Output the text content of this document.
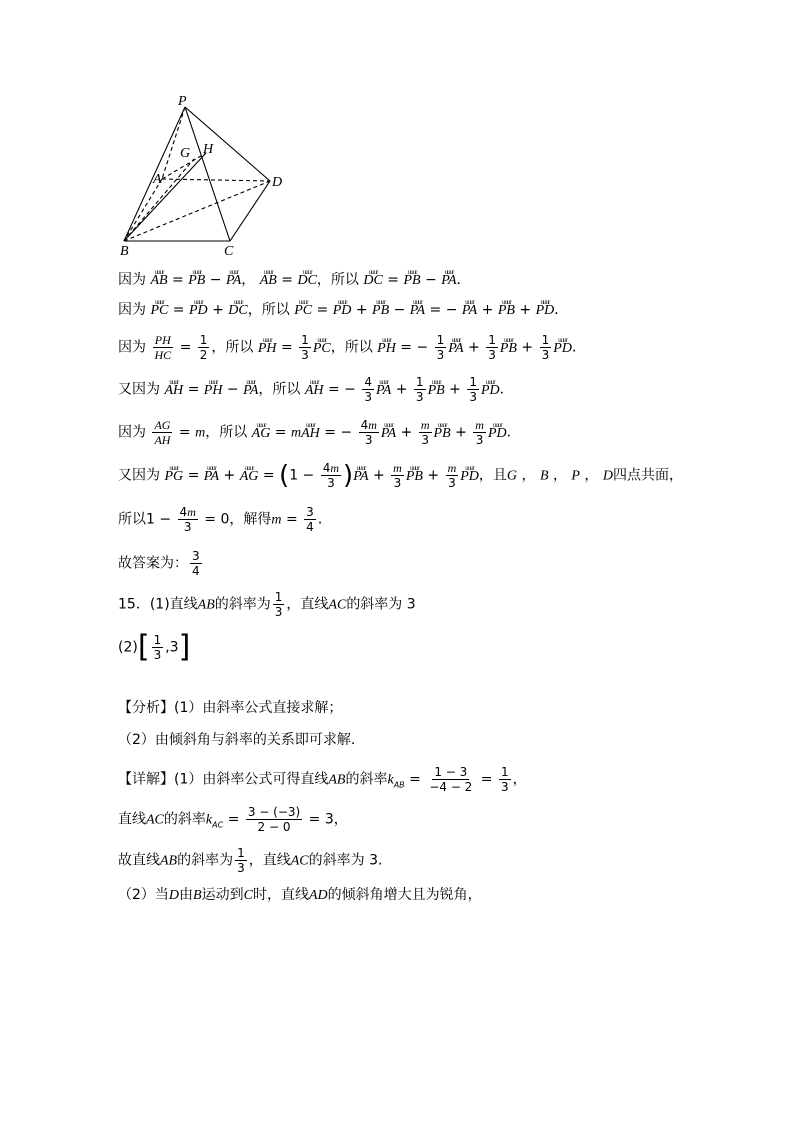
P
G H
A	D
B	C
因为 uuur AB = uuur PB − uuur PA， uuur AB = uuur DC，所以 uuur DC = uuur PB − uuur PA．
因为 uuur PC = uuur PD + uuur DC，所以 uuur PC = uuur PD + uuur PB − uuur PA = − uuur PA + uuur PB + uuur PD．
因为 $\frac{PH}{HC} = \frac{1}{2}$ ，所以 uuur PH = $\frac{1}{3}$ uuur PC，所以 uuur PH = − $\frac{1}{3}$ uuur PA + $\frac{1}{3}$ uuur PB + $\frac{1}{3}$ uuur PD．
又因为 uuur AH = uuur PH − uuur PA，所以 uuur AH = − $\frac{4}{3}$ uuur PA + $\frac{1}{3}$ uuur PB + $\frac{1}{3}$ uuur PD．
因为 $\frac{AG}{AH} = m$，所以 uuur AG = muuur AH = − $\frac{4m}{3}$ uuur PA + $\frac{m}{3}$ uuur PB + $\frac{m}{3}$ uuur PD．
又因为 uuur PG = uuur PA + uuur AG = ($1 - \frac{4m}{3}$ )uuur PA + $\frac{m}{3}$ uuur PB + $\frac{m}{3}$ uuur PD，且G ， B ， P ， D四点共面，
所以$1 - \frac{4m}{3} = 0$，解得$m = \frac{3}{4}$ ．
故答案为： $\frac{3}{4}$
15．(1)直线AB的斜率为 $\frac{1}{3}$ ，直线AC的斜率为 3
$(2)[ \frac{1}{3} ,3]$
【分析】(1）由斜率公式直接求解；
（2）由倾斜角与斜率的关系即可求解.
【详解】(1）由斜率公式可得直线AB的斜率$k_{AB} = \frac{1 - 3}{-4 - 2} = \frac{1}{3}$ ，
直线AC的斜率$k_{AC} = \frac{3 - (-3)}{2 - 0} = 3$，
故直线AB的斜率为 $\frac{1}{3}$ ，直线AC的斜率为 3.
（2）当D由B运动到C时，直线AD的倾斜角增大且为锐角，
